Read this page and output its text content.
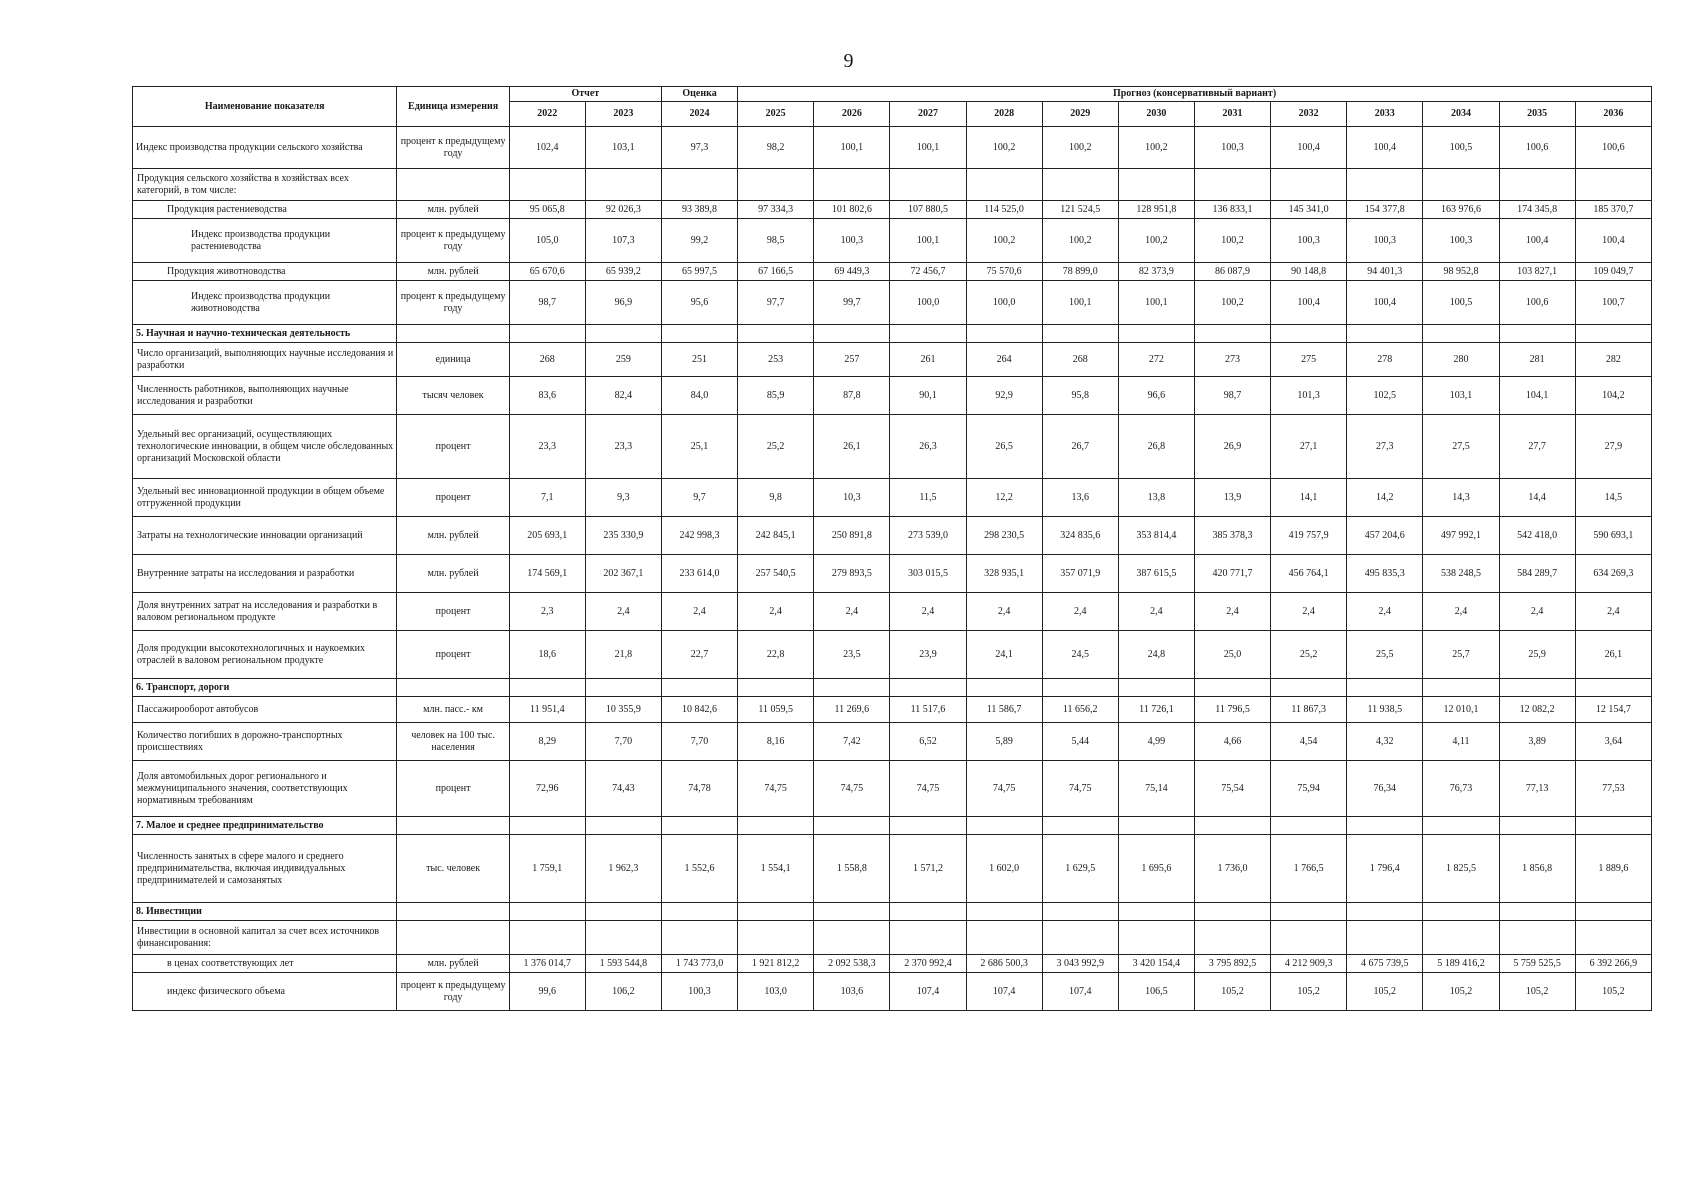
9
Наименование показателя	Единица измерения	Отчет		Оценка	Прогноз (консервативный вариант)											
		2022	2023	2024	2025	2026	2027	2028	2029	2030	2031	2032	2033	2034	2035	2036
Индекс производства продукции сельского хозяйства	процент к предыдущему году	102,4	103,1	97,3	98,2	100,1	100,1	100,2	100,2	100,2	100,3	100,4	100,4	100,5	100,6	100,6
Продукция сельского хозяйства в хозяйствах всех категорий, в том числе:																
Продукция растениеводства	млн. рублей	95 065,8	92 026,3	93 389,8	97 334,3	101 802,6	107 880,5	114 525,0	121 524,5	128 951,8	136 833,1	145 341,0	154 377,8	163 976,6	174 345,8	185 370,7
Индекс производства продукции растениеводства	процент к предыдущему году	105,0	107,3	99,2	98,5	100,3	100,1	100,2	100,2	100,2	100,2	100,3	100,3	100,3	100,4	100,4
Продукция животноводства	млн. рублей	65 670,6	65 939,2	65 997,5	67 166,5	69 449,3	72 456,7	75 570,6	78 899,0	82 373,9	86 087,9	90 148,8	94 401,3	98 952,8	103 827,1	109 049,7
Индекс производства продукции животноводства	процент к предыдущему году	98,7	96,9	95,6	97,7	99,7	100,0	100,0	100,1	100,1	100,2	100,4	100,4	100,5	100,6	100,7
5. Научная и научно-техническая деятельность																
Число организаций, выполняющих научные исследования и разработки	единица	268	259	251	253	257	261	264	268	272	273	275	278	280	281	282
Численность работников, выполняющих научные исследования и разработки	тысяч человек	83,6	82,4	84,0	85,9	87,8	90,1	92,9	95,8	96,6	98,7	101,3	102,5	103,1	104,1	104,2
Удельный вес организаций, осуществляющих технологические инновации, в общем числе обследованных организаций Московской области	процент	23,3	23,3	25,1	25,2	26,1	26,3	26,5	26,7	26,8	26,9	27,1	27,3	27,5	27,7	27,9
Удельный вес инновационной продукции в общем объеме отгруженной продукции	процент	7,1	9,3	9,7	9,8	10,3	11,5	12,2	13,6	13,8	13,9	14,1	14,2	14,3	14,4	14,5
Затраты на технологические инновации организаций	млн. рублей	205 693,1	235 330,9	242 998,3	242 845,1	250 891,8	273 539,0	298 230,5	324 835,6	353 814,4	385 378,3	419 757,9	457 204,6	497 992,1	542 418,0	590 693,1
Внутренние затраты на исследования и разработки	млн. рублей	174 569,1	202 367,1	233 614,0	257 540,5	279 893,5	303 015,5	328 935,1	357 071,9	387 615,5	420 771,7	456 764,1	495 835,3	538 248,5	584 289,7	634 269,3
Доля внутренних затрат на исследования и разработки в валовом региональном продукте	процент	2,3	2,4	2,4	2,4	2,4	2,4	2,4	2,4	2,4	2,4	2,4	2,4	2,4	2,4	2,4
Доля продукции высокотехнологичных и наукоемких отраслей в валовом региональном продукте	процент	18,6	21,8	22,7	22,8	23,5	23,9	24,1	24,5	24,8	25,0	25,2	25,5	25,7	25,9	26,1
6. Транспорт, дороги																
Пассажирооборот автобусов	млн. пасс.- км	11 951,4	10 355,9	10 842,6	11 059,5	11 269,6	11 517,6	11 586,7	11 656,2	11 726,1	11 796,5	11 867,3	11 938,5	12 010,1	12 082,2	12 154,7
Количество погибших в дорожно-транспортных происшествиях	человек на 100 тыс. населения	8,29	7,70	7,70	8,16	7,42	6,52	5,89	5,44	4,99	4,66	4,54	4,32	4,11	3,89	3,64
Доля автомобильных дорог регионального и межмуниципального значения, соответствующих нормативным требованиям	процент	72,96	74,43	74,78	74,75	74,75	74,75	74,75	74,75	75,14	75,54	75,94	76,34	76,73	77,13	77,53
7. Малое и среднее предпринимательство																
Численность занятых в сфере малого и среднего предпринимательства, включая индивидуальных предпринимателей и самозанятых	тыс. человек	1 759,1	1 962,3	1 552,6	1 554,1	1 558,8	1 571,2	1 602,0	1 629,5	1 695,6	1 736,0	1 766,5	1 796,4	1 825,5	1 856,8	1 889,6
8. Инвестиции																
Инвестиции в основной капитал за счет всех источников финансирования:																
в ценах соответствующих лет	млн. рублей	1 376 014,7	1 593 544,8	1 743 773,0	1 921 812,2	2 092 538,3	2 370 992,4	2 686 500,3	3 043 992,9	3 420 154,4	3 795 892,5	4 212 909,3	4 675 739,5	5 189 416,2	5 759 525,5	6 392 266,9
индекс физического объема	процент к предыдущему году	99,6	106,2	100,3	103,0	103,6	107,4	107,4	107,4	106,5	105,2	105,2	105,2	105,2	105,2	105,2
